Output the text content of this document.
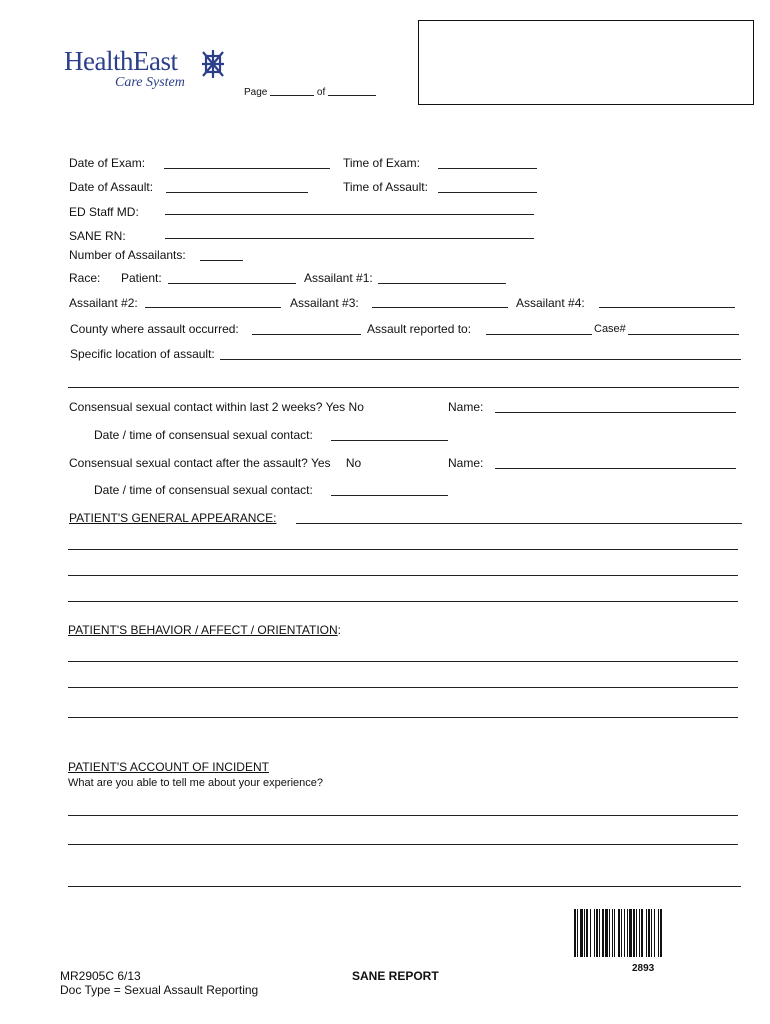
HealthEast
Care System
Page	of
Date of Exam:	Time of Exam:
Date of Assault:	Time of Assault:
ED Staff MD:
SANE RN:
Number of Assailants:
Race: Patient:	Assailant #1:
Assailant #2:	Assailant #3:	Assailant #4:
County where assault occurred:	Assault reported to:	Case#
Specific location of assault:
Consensual sexual contact within last 2 weeks? Yes No	Name:
Date / time of consensual sexual contact:
Consensual sexual contact after the assault? Yes No	Name:
Date / time of consensual sexual contact:
PATIENT'S GENERAL APPEARANCE:
PATIENT'S BEHAVIOR / AFFECT / ORIENTATION:
PATIENT'S ACCOUNT OF INCIDENT
What are you able to tell me about your experience?
2893
MR2905C 6/13
Doc Type = Sexual Assault Reporting
SANE REPORT
